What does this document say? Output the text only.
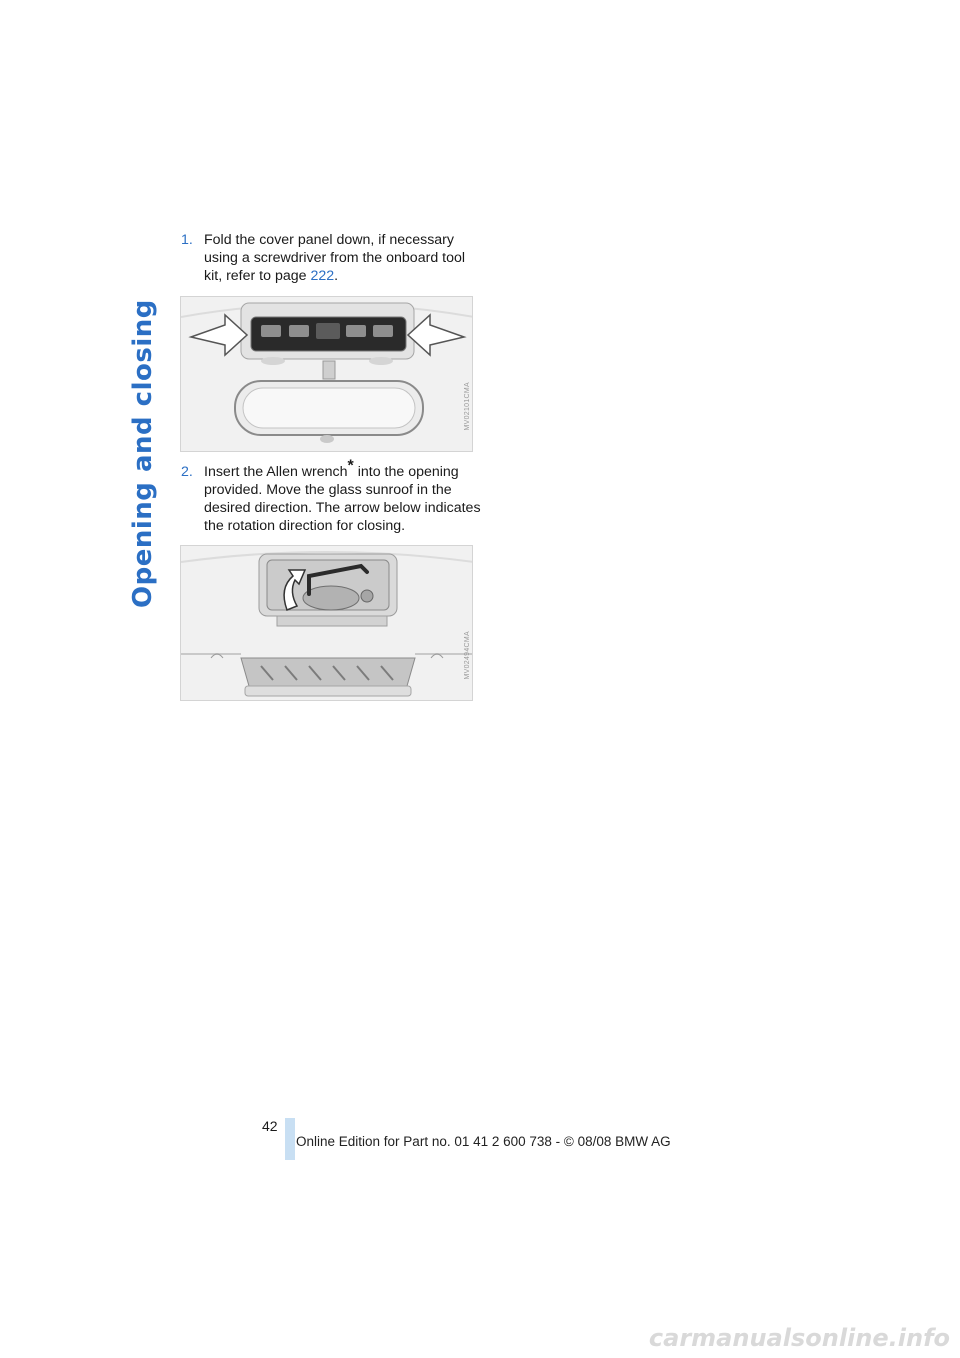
Opening and closing
1. Fold the cover panel down, if necessary using a screwdriver from the onboard tool kit, refer to page 222.
MV02101CMA
2. Insert the Allen wrench* into the opening provided. Move the glass sunroof in the desired direction. The arrow below indicates the rotation direction for closing.
MV02494CMA
42
Online Edition for Part no. 01 41 2 600 738 - © 08/08 BMW AG
carmanualsonline.info
